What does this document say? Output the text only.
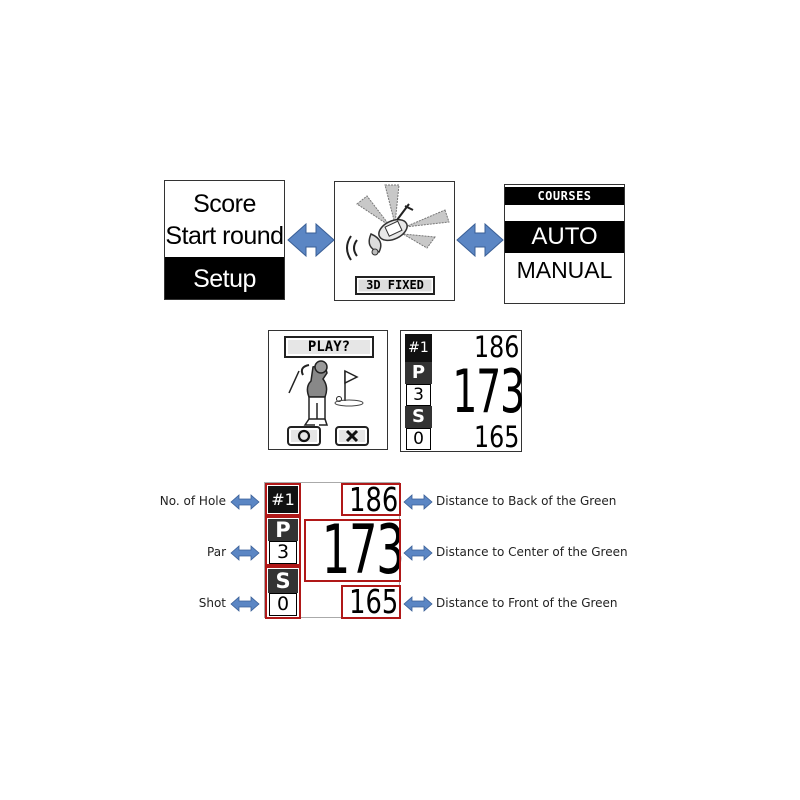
Score
Start round
Setup	3D FIXED
COURSES
AUTO
MANUAL
PLAY?	#1
P
3
S
0
186
173
165
#1
P
3
S
0
186
173
165
No. of Hole
Par
Shot
Distance to Back of the Green
Distance to Center of the Green
Distance to Front of the Green
